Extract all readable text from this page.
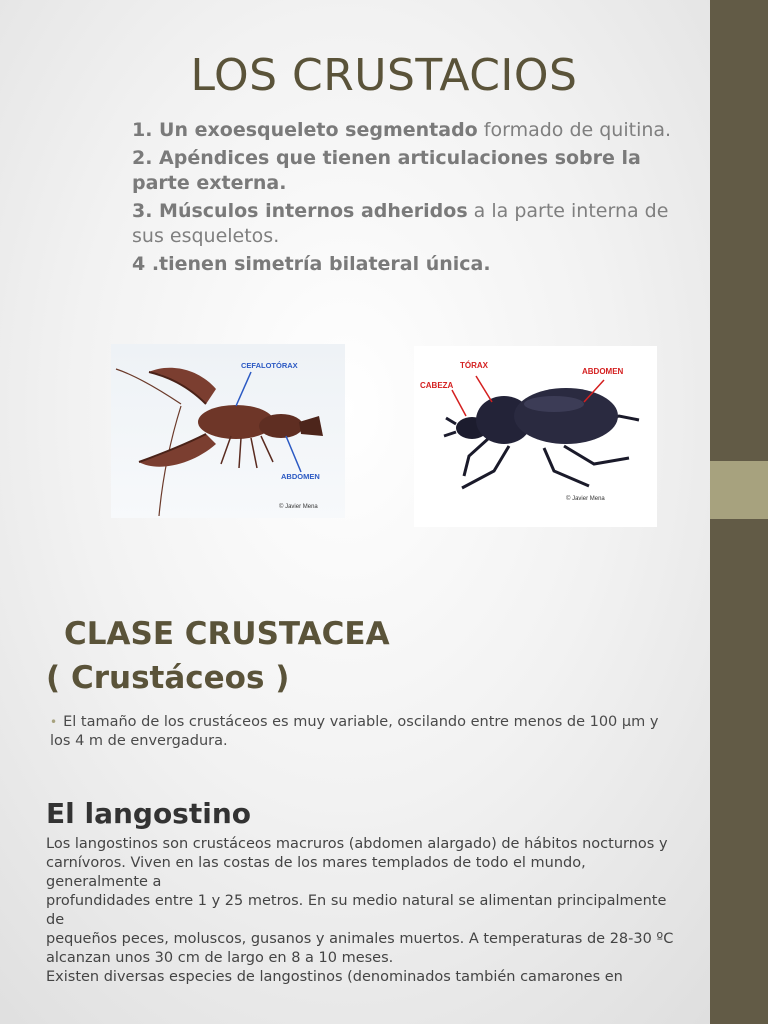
LOS CRUSTACIOS
1. Un exoesqueleto segmentado formado de quitina.
2. Apéndices que tienen articulaciones sobre la parte externa.
3. Músculos internos adheridos a la parte interna de sus esqueletos.
4 .tienen simetría bilateral única.
CEFALOTÓRAX
ABDOMEN
© Javier Mena
TÓRAX
CABEZA
ABDOMEN
© Javier Mena
CLASE CRUSTACEA
( Crustáceos )
• El tamaño de los crustáceos es muy variable, oscilando entre menos de 100 µm y los 4 m de envergadura.
El langostino
Los langostinos son crustáceos macruros (abdomen alargado) de hábitos nocturnos y
carnívoros. Viven en las costas de los mares templados de todo el mundo, generalmente a
profundidades entre 1 y 25 metros. En su medio natural se alimentan principalmente de
pequeños peces, moluscos, gusanos y animales muertos. A temperaturas de 28-30 ºC
alcanzan unos 30 cm de largo en 8 a 10 meses.
Existen diversas especies de langostinos (denominados también camarones en
